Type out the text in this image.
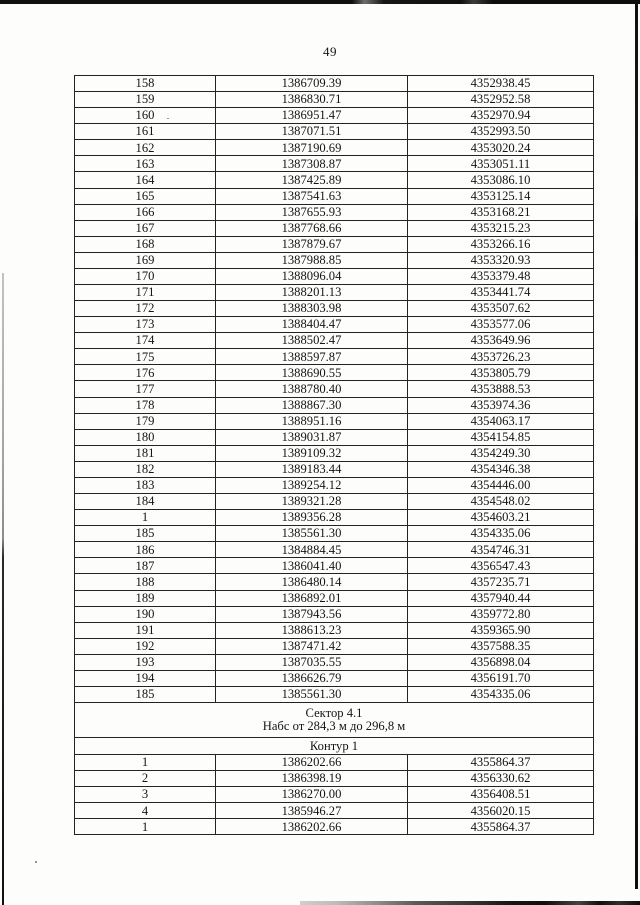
49
158	1386709.39	4352938.45
159	1386830.71	4352952.58
160	1386951.47	4352970.94
161	1387071.51	4352993.50
162	1387190.69	4353020.24
163	1387308.87	4353051.11
164	1387425.89	4353086.10
165	1387541.63	4353125.14
166	1387655.93	4353168.21
167	1387768.66	4353215.23
168	1387879.67	4353266.16
169	1387988.85	4353320.93
170	1388096.04	4353379.48
171	1388201.13	4353441.74
172	1388303.98	4353507.62
173	1388404.47	4353577.06
174	1388502.47	4353649.96
175	1388597.87	4353726.23
176	1388690.55	4353805.79
177	1388780.40	4353888.53
178	1388867.30	4353974.36
179	1388951.16	4354063.17
180	1389031.87	4354154.85
181	1389109.32	4354249.30
182	1389183.44	4354346.38
183	1389254.12	4354446.00
184	1389321.28	4354548.02
1	1389356.28	4354603.21
185	1385561.30	4354335.06
186	1384884.45	4354746.31
187	1386041.40	4356547.43
188	1386480.14	4357235.71
189	1386892.01	4357940.44
190	1387943.56	4359772.80
191	1388613.23	4359365.90
192	1387471.42	4357588.35
193	1387035.55	4356898.04
194	1386626.79	4356191.70
185	1385561.30	4354335.06

Сектор 4.1
Набс от 284,3 м до 296,8 м		

Контур 1		
1	1386202.66	4355864.37
2	1386398.19	4356330.62
3	1386270.00	4356408.51
4	1385946.27	4356020.15
1	1386202.66	4355864.37
